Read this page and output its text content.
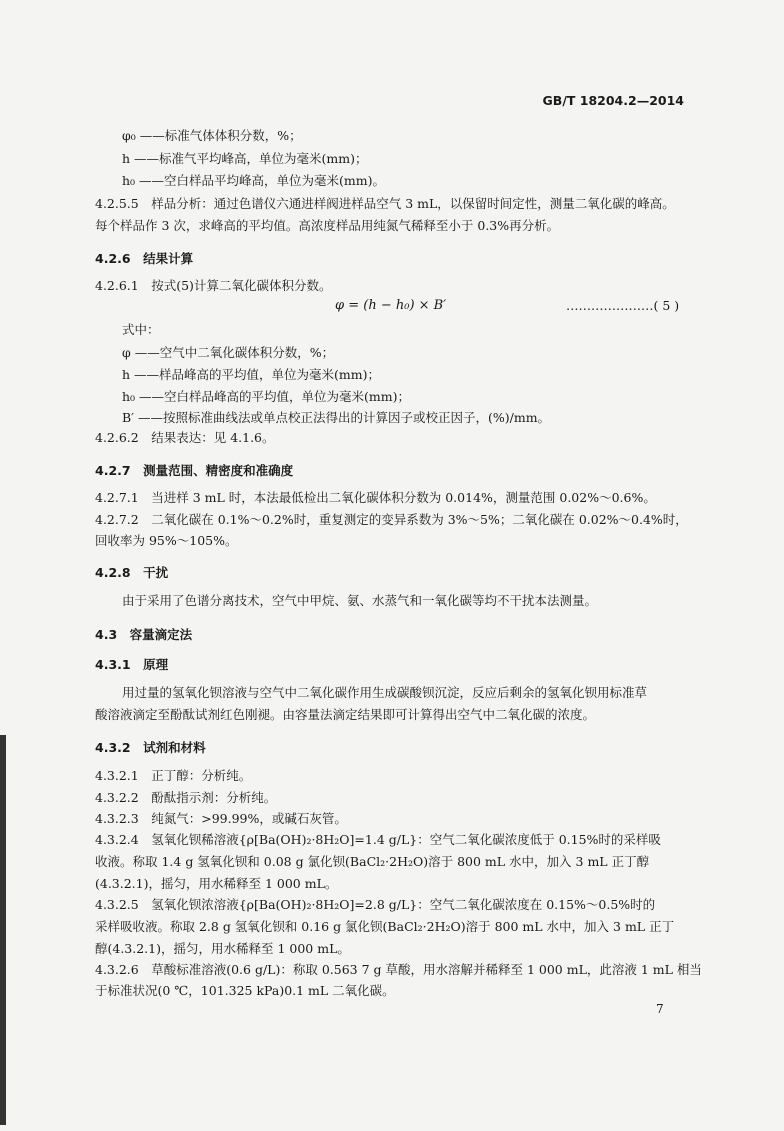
GB/T 18204.2—2014
φ₀ ——标准气体体积分数，%；
h ——标准气平均峰高，单位为毫米(mm)；
h₀ ——空白样品平均峰高，单位为毫米(mm)。
4.2.5.5　样品分析：通过色谱仪六通进样阀进样品空气 3 mL，以保留时间定性，测量二氧化碳的峰高。
每个样品作 3 次，求峰高的平均值。高浓度样品用纯氮气稀释至小于 0.3%再分析。
4.2.6　结果计算
4.2.6.1　按式(5)计算二氧化碳体积分数。
φ = (h − h₀) × B′	…………………( 5 )
式中：
φ ——空气中二氧化碳体积分数，%；
h ——样品峰高的平均值，单位为毫米(mm)；
h₀ ——空白样品峰高的平均值，单位为毫米(mm)；
B′ ——按照标准曲线法或单点校正法得出的计算因子或校正因子，(%)/mm。
4.2.6.2　结果表达：见 4.1.6。
4.2.7　测量范围、精密度和准确度
4.2.7.1　当进样 3 mL 时，本法最低检出二氧化碳体积分数为 0.014%，测量范围 0.02%～0.6%。
4.2.7.2　二氧化碳在 0.1%～0.2%时，重复测定的变异系数为 3%～5%；二氧化碳在 0.02%～0.4%时，
回收率为 95%～105%。
4.2.8　干扰
由于采用了色谱分离技术，空气中甲烷、氨、水蒸气和一氧化碳等均不干扰本法测量。
4.3　容量滴定法
4.3.1　原理
用过量的氢氧化钡溶液与空气中二氧化碳作用生成碳酸钡沉淀，反应后剩余的氢氧化钡用标准草
酸溶液滴定至酚酞试剂红色刚褪。由容量法滴定结果即可计算得出空气中二氧化碳的浓度。
4.3.2　试剂和材料
4.3.2.1　正丁醇：分析纯。
4.3.2.2　酚酞指示剂：分析纯。
4.3.2.3　纯氮气：>99.99%，或碱石灰管。
4.3.2.4　氢氧化钡稀溶液{ρ[Ba(OH)₂·8H₂O]=1.4 g/L}：空气二氧化碳浓度低于 0.15%时的采样吸
收液。称取 1.4 g 氢氧化钡和 0.08 g 氯化钡(BaCl₂·2H₂O)溶于 800 mL 水中，加入 3 mL 正丁醇
(4.3.2.1)，摇匀，用水稀释至 1 000 mL。
4.3.2.5　氢氧化钡浓溶液{ρ[Ba(OH)₂·8H₂O]=2.8 g/L}：空气二氧化碳浓度在 0.15%～0.5%时的
采样吸收液。称取 2.8 g 氢氧化钡和 0.16 g 氯化钡(BaCl₂·2H₂O)溶于 800 mL 水中，加入 3 mL 正丁
醇(4.3.2.1)，摇匀，用水稀释至 1 000 mL。
4.3.2.6　草酸标准溶液(0.6 g/L)：称取 0.563 7 g 草酸，用水溶解并稀释至 1 000 mL，此溶液 1 mL 相当
于标准状况(0 ℃，101.325 kPa)0.1 mL 二氧化碳。
7
